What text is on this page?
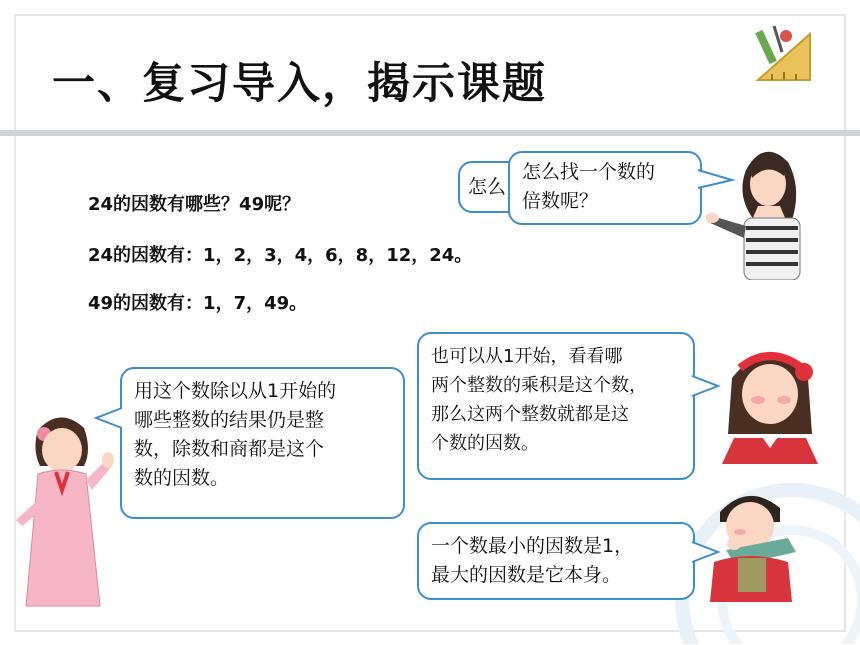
一、复习导入，揭示课题
24的因数有哪些？49呢？
24的因数有：1，2，3，4，6，8，12，24。
49的因数有：1，7，49。

怎么

怎么找一个数的

倍数呢？

也可以从1开始，看看哪

两个整数的乘积是这个数，

那么这两个整数就都是这

个数的因数。

用这个数除以从1开始的

哪些整数的结果仍是整

数，除数和商都是这个

数的因数。

一个数最小的因数是1，

最大的因数是它本身。
